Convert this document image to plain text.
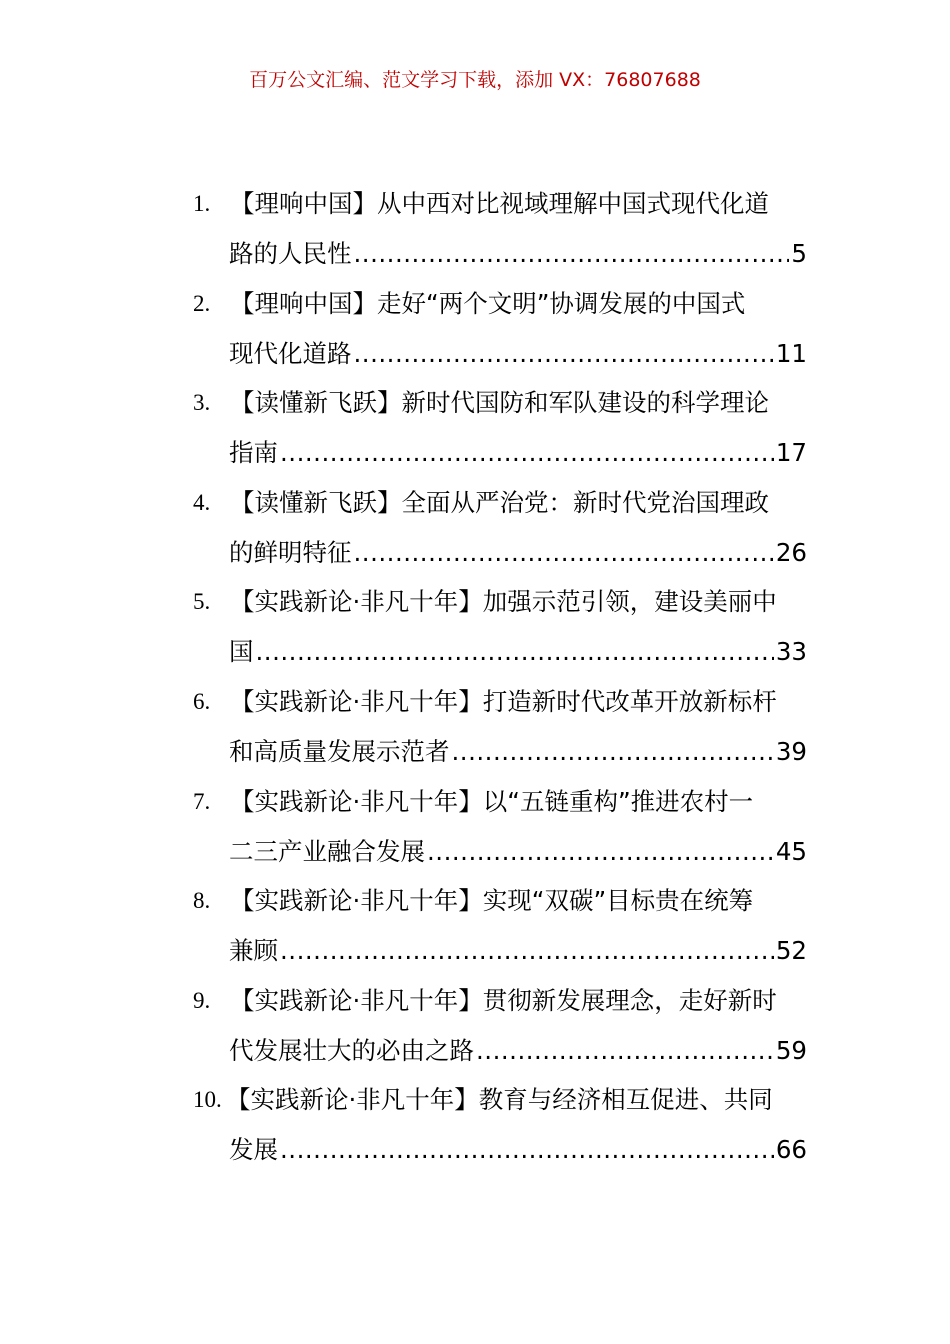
百万公文汇编、范文学习下载，添加 VX：76807688
1. 【理响中国】从中西对比视域理解中国式现代化道
路的人民性 .....	5
2. 【理响中国】走好“两个文明”协调发展的中国式
现代化道路 .....	11
3. 【读懂新飞跃】新时代国防和军队建设的科学理论
指南 .....	17
4. 【读懂新飞跃】全面从严治党：新时代党治国理政
的鲜明特征 .....	26
5. 【实践新论·非凡十年】加强示范引领，建设美丽中
国 .....	33
6. 【实践新论·非凡十年】打造新时代改革开放新标杆
和高质量发展示范者 .....	39
7. 【实践新论·非凡十年】以“五链重构”推进农村一
二三产业融合发展 .....	45
8. 【实践新论·非凡十年】实现“双碳”目标贵在统筹
兼顾 .....	52
9. 【实践新论·非凡十年】贯彻新发展理念，走好新时
代发展壮大的必由之路 .....	59
10. 【实践新论·非凡十年】教育与经济相互促进、共同
发展 .....	66
